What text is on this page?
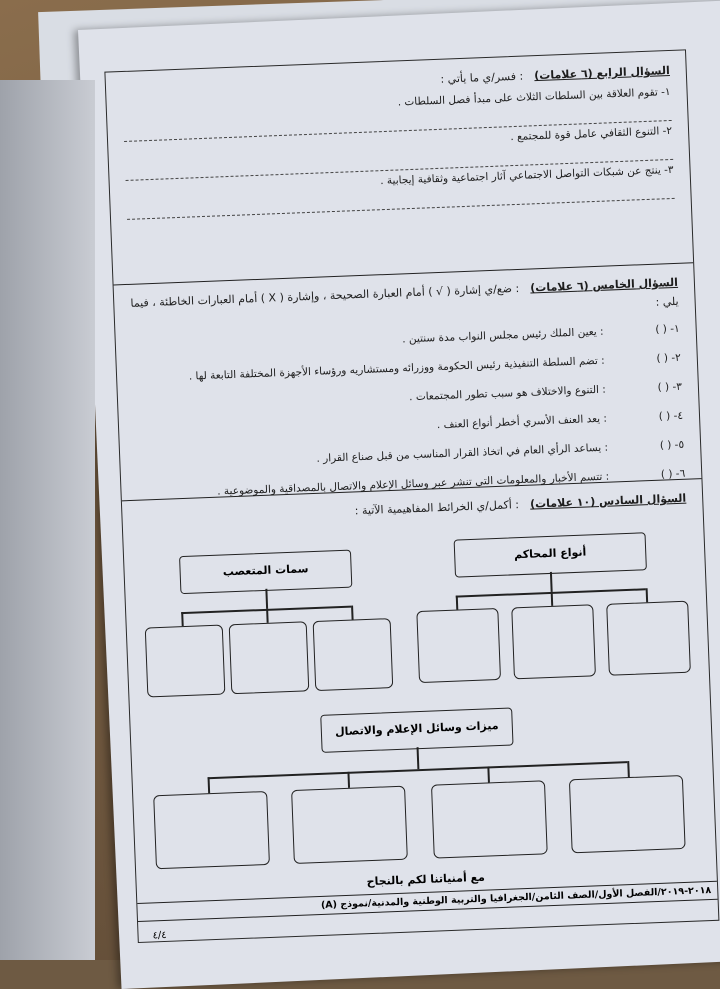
السؤال الرابع (٦ علامات) : فسر/ي ما يأتي :
١- تقوم العلاقة بين السلطات الثلاث على مبدأ فصل السلطات .
٢- التنوع الثقافي عامل قوة للمجتمع .
٣- ينتج عن شبكات التواصل الاجتماعي آثار اجتماعية وثقافية إيجابية .
السؤال الخامس (٦ علامات) : ضع/ي إشارة ( √ ) أمام العبارة الصحيحة ، وإشارة ( X ) أمام العبارات الخاطئة ، فيما يلي :
١- ( ) : يعين الملك رئيس مجلس النواب مدة سنتين .
٢- ( ) : تضم السلطة التنفيذية رئيس الحكومة ووزرائه ومستشاريه ورؤساء الأجهزة المختلفة التابعة لها .
٣- ( ) : التنوع والاختلاف هو سبب تطور المجتمعات .
٤- ( ) : يعد العنف الأسري أخطر أنواع العنف .
٥- ( ) : يساعد الرأي العام في اتخاذ القرار المناسب من قبل صناع القرار .
٦- ( ) : تتسم الأخبار والمعلومات التي تنشر عبر وسائل الإعلام والاتصال بالمصداقية والموضوعية .
السؤال السادس (١٠ علامات) : أكمل/ي الخرائط المفاهيمية الآتية :
أنواع المحاكم
سمات المتعصب
ميزات وسائل الإعلام والاتصال
مع أمنياتنا لكم بالنجاح
٢٠١٨-٢٠١٩/الفصل الأول/الصف الثامن/الجغرافيا والتربية الوطنية والمدنية/نموذج (A)
٤/٤
